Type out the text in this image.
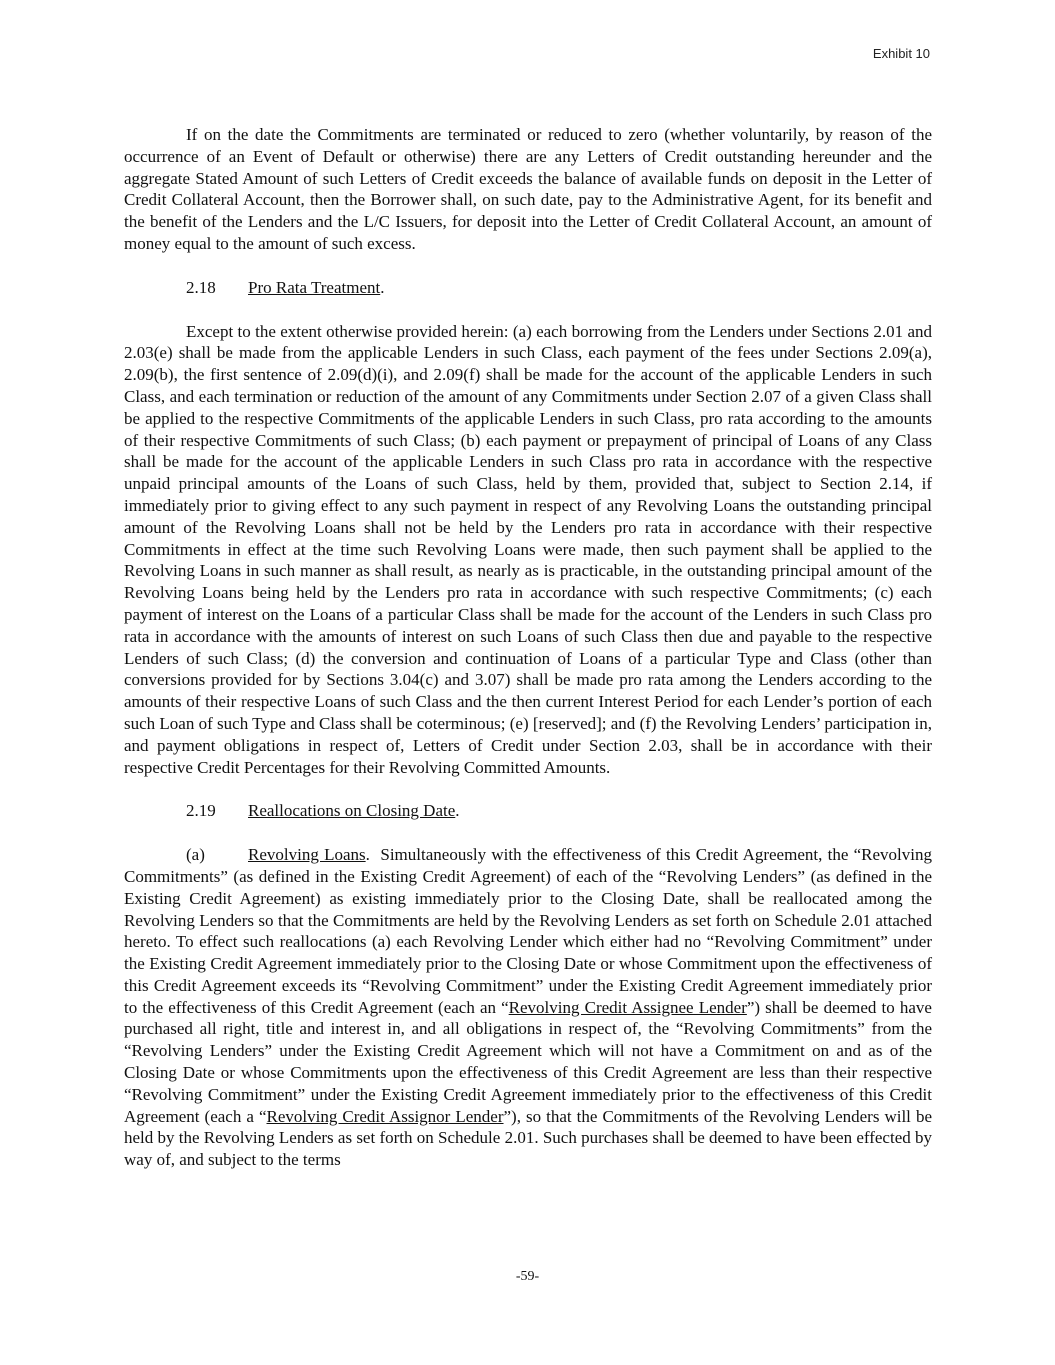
Exhibit 10

If on the date the Commitments are terminated or reduced to zero (whether voluntarily, by reason of the occurrence of an Event of Default or otherwise) there are any Letters of Credit outstanding hereunder and the aggregate Stated Amount of such Letters of Credit exceeds the balance of available funds on deposit in the Letter of Credit Collateral Account, then the Borrower shall, on such date, pay to the Administrative Agent, for its benefit and the benefit of the Lenders and the L/C Issuers, for deposit into the Letter of Credit Collateral Account, an amount of money equal to the amount of such excess.

2.18 Pro Rata Treatment.

Except to the extent otherwise provided herein: (a) each borrowing from the Lenders under Sections 2.01 and 2.03(e) shall be made from the applicable Lenders in such Class, each payment of the fees under Sections 2.09(a), 2.09(b), the first sentence of 2.09(d)(i), and 2.09(f) shall be made for the account of the applicable Lenders in such Class, and each termination or reduction of the amount of any Commitments under Section 2.07 of a given Class shall be applied to the respective Commitments of the applicable Lenders in such Class, pro rata according to the amounts of their respective Commitments of such Class; (b) each payment or prepayment of principal of Loans of any Class shall be made for the account of the applicable Lenders in such Class pro rata in accordance with the respective unpaid principal amounts of the Loans of such Class, held by them, provided that, subject to Section 2.14, if immediately prior to giving effect to any such payment in respect of any Revolving Loans the outstanding principal amount of the Revolving Loans shall not be held by the Lenders pro rata in accordance with their respective Commitments in effect at the time such Revolving Loans were made, then such payment shall be applied to the Revolving Loans in such manner as shall result, as nearly as is practicable, in the outstanding principal amount of the Revolving Loans being held by the Lenders pro rata in accordance with such respective Commitments; (c) each payment of interest on the Loans of a particular Class shall be made for the account of the Lenders in such Class pro rata in accordance with the amounts of interest on such Loans of such Class then due and payable to the respective Lenders of such Class; (d) the conversion and continuation of Loans of a particular Type and Class (other than conversions provided for by Sections 3.04(c) and 3.07) shall be made pro rata among the Lenders according to the amounts of their respective Loans of such Class and the then current Interest Period for each Lender’s portion of each such Loan of such Type and Class shall be coterminous; (e) [reserved]; and (f) the Revolving Lenders’ participation in, and payment obligations in respect of, Letters of Credit under Section 2.03, shall be in accordance with their respective Credit Percentages for their Revolving Committed Amounts.

2.19 Reallocations on Closing Date.

(a)	Revolving Loans.  Simultaneously with the effectiveness of this Credit Agreement, the “Revolving Commitments” (as defined in the Existing Credit Agreement) of each of the “Revolving Lenders” (as defined in the Existing Credit Agreement) as existing immediately prior to the Closing Date, shall be reallocated among the Revolving Lenders so that the Commitments are held by the Revolving Lenders as set forth on Schedule 2.01 attached hereto. To effect such reallocations (a) each Revolving Lender which either had no “Revolving Commitment” under the Existing Credit Agreement immediately prior to the Closing Date or whose Commitment upon the effectiveness of this Credit Agreement exceeds its “Revolving Commitment” under the Existing Credit Agreement immediately prior to the effectiveness of this Credit Agreement (each an “Revolving Credit Assignee Lender”) shall be deemed to have purchased all right, title and interest in, and all obligations in respect of, the “Revolving Commitments” from the “Revolving Lenders” under the Existing Credit Agreement which will not have a Commitment on and as of the Closing Date or whose Commitments upon the effectiveness of this Credit Agreement are less than their respective “Revolving Commitment” under the Existing Credit Agreement immediately prior to the effectiveness of this Credit Agreement (each a “Revolving Credit Assignor Lender”), so that the Commitments of the Revolving Lenders will be held by the Revolving Lenders as set forth on Schedule 2.01. Such purchases shall be deemed to have been effected by way of, and subject to the terms

-59-
